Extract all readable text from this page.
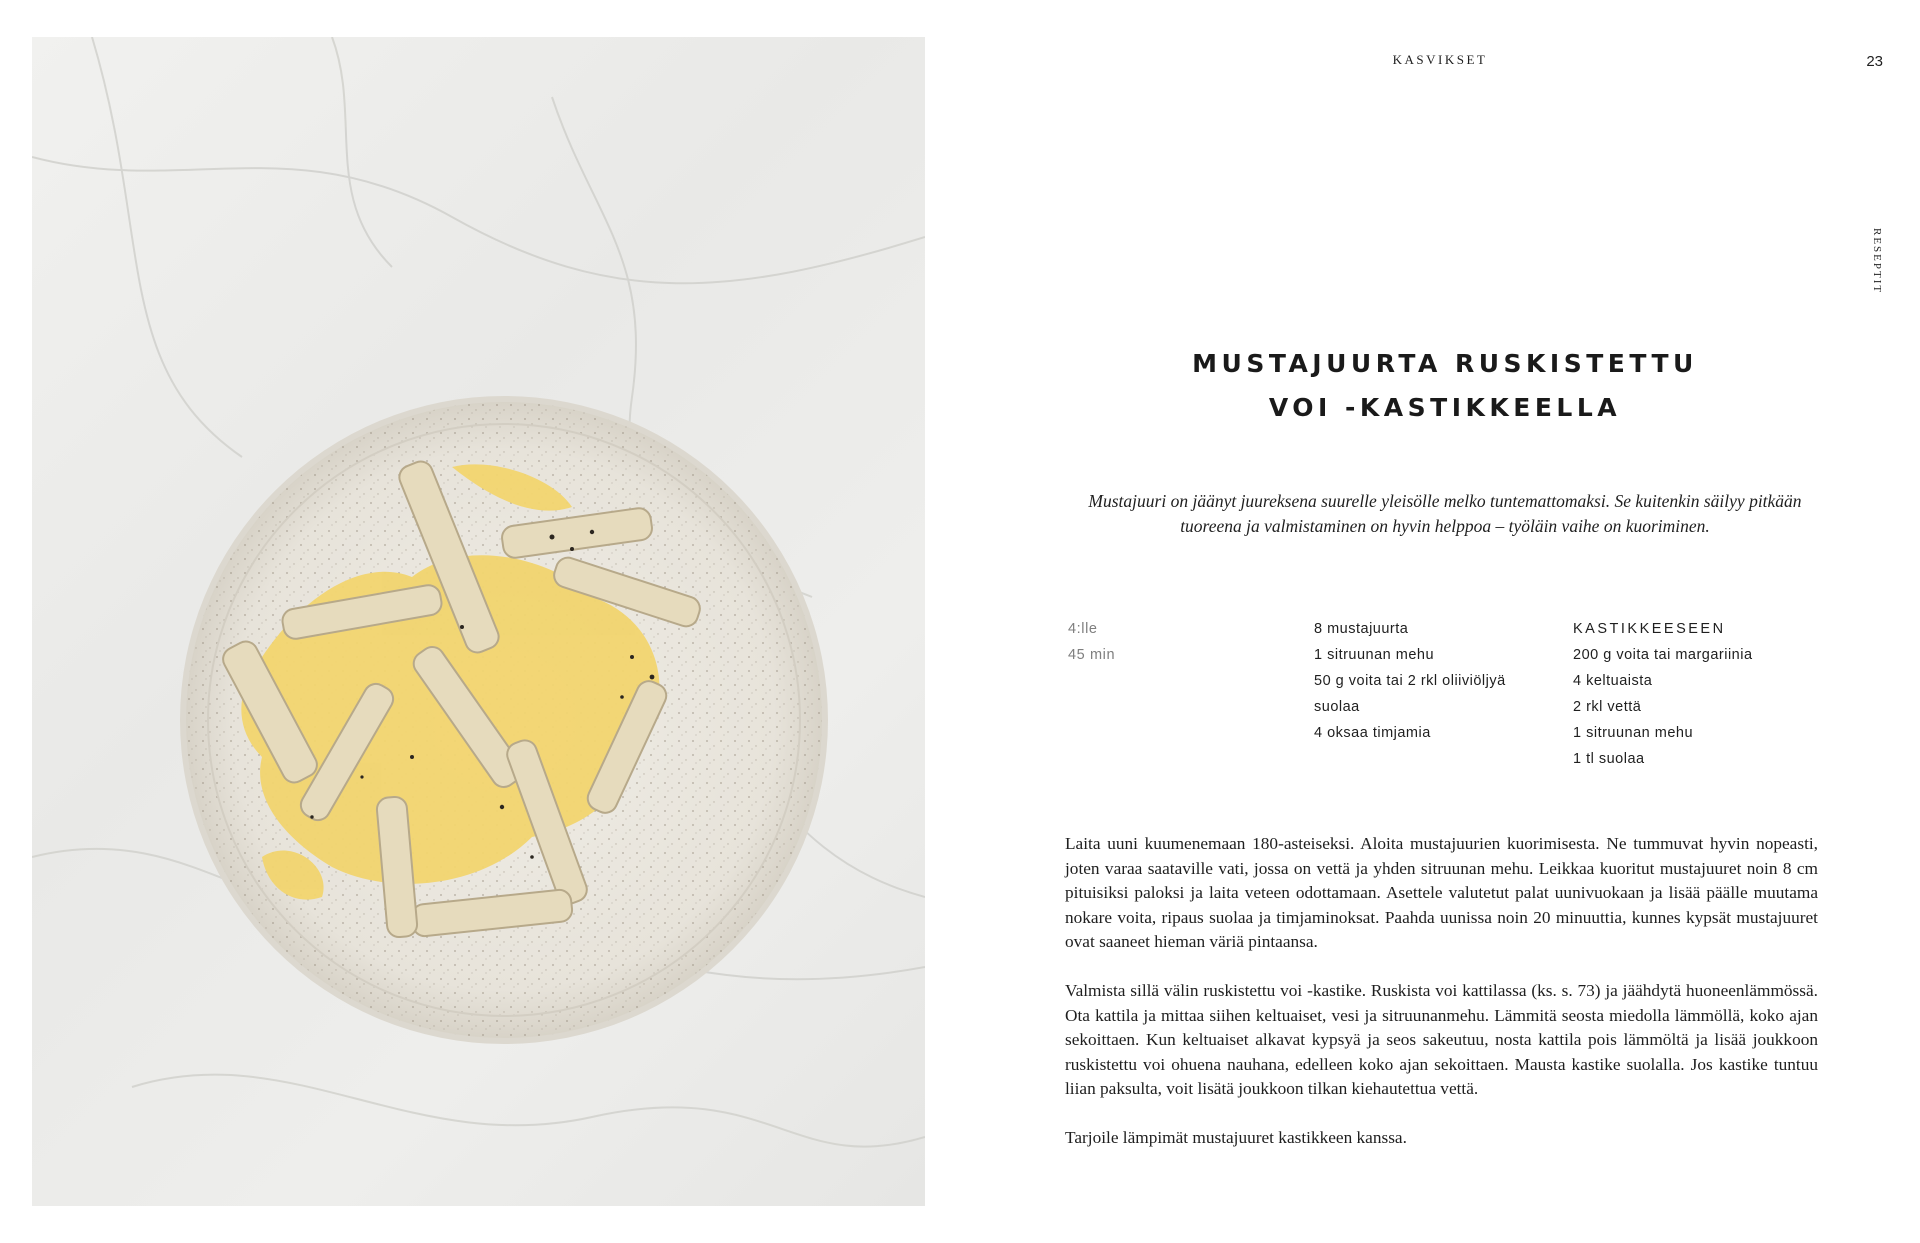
KASVIKSET	23
RESEPTIT
MUSTAJUURTA RUSKISTETTU
VOI -KASTIKKEELLA
Mustajuuri on jäänyt juureksena suurelle yleisölle melko tuntemattomaksi. Se kuitenkin säilyy pitkään tuoreena ja valmistaminen on hyvin helppoa – työläin vaihe on kuoriminen.
4:lle
45 min
8 mustajuurta
1 sitruunan mehu
50 g voita tai 2 rkl oliiviöljyä
suolaa
4 oksaa timjamia
KASTIKKEESEEN
200 g voita tai margariinia
4 keltuaista
2 rkl vettä
1 sitruunan mehu
1 tl suolaa

Laita uuni kuumenemaan 180-asteiseksi. Aloita mustajuurien kuorimisesta. Ne tummuvat hyvin nopeasti, joten varaa saataville vati, jossa on vettä ja yhden sitruunan mehu. Leikkaa kuoritut mustajuuret noin 8 cm pituisiksi paloksi ja laita veteen odottamaan. Asettele valutetut palat uunivuokaan ja lisää päälle muutama nokare voita, ripaus suolaa ja timjaminoksat. Paahda uunissa noin 20 minuuttia, kunnes kypsät mustajuuret ovat saaneet hieman väriä pintaansa.

Valmista sillä välin ruskistettu voi -kastike. Ruskista voi kattilassa (ks. s. 73) ja jäähdytä huoneenlämmössä. Ota kattila ja mittaa siihen keltuaiset, vesi ja sitruunanmehu. Lämmitä seosta miedolla lämmöllä, koko ajan sekoittaen. Kun keltuaiset alkavat kypsyä ja seos sakeutuu, nosta kattila pois lämmöltä ja lisää joukkoon ruskistettu voi ohuena nauhana, edelleen koko ajan sekoittaen. Mausta kastike suolalla. Jos kastike tuntuu liian paksulta, voit lisätä joukkoon tilkan kiehautettua vettä.

Tarjoile lämpimät mustajuuret kastikkeen kanssa.
